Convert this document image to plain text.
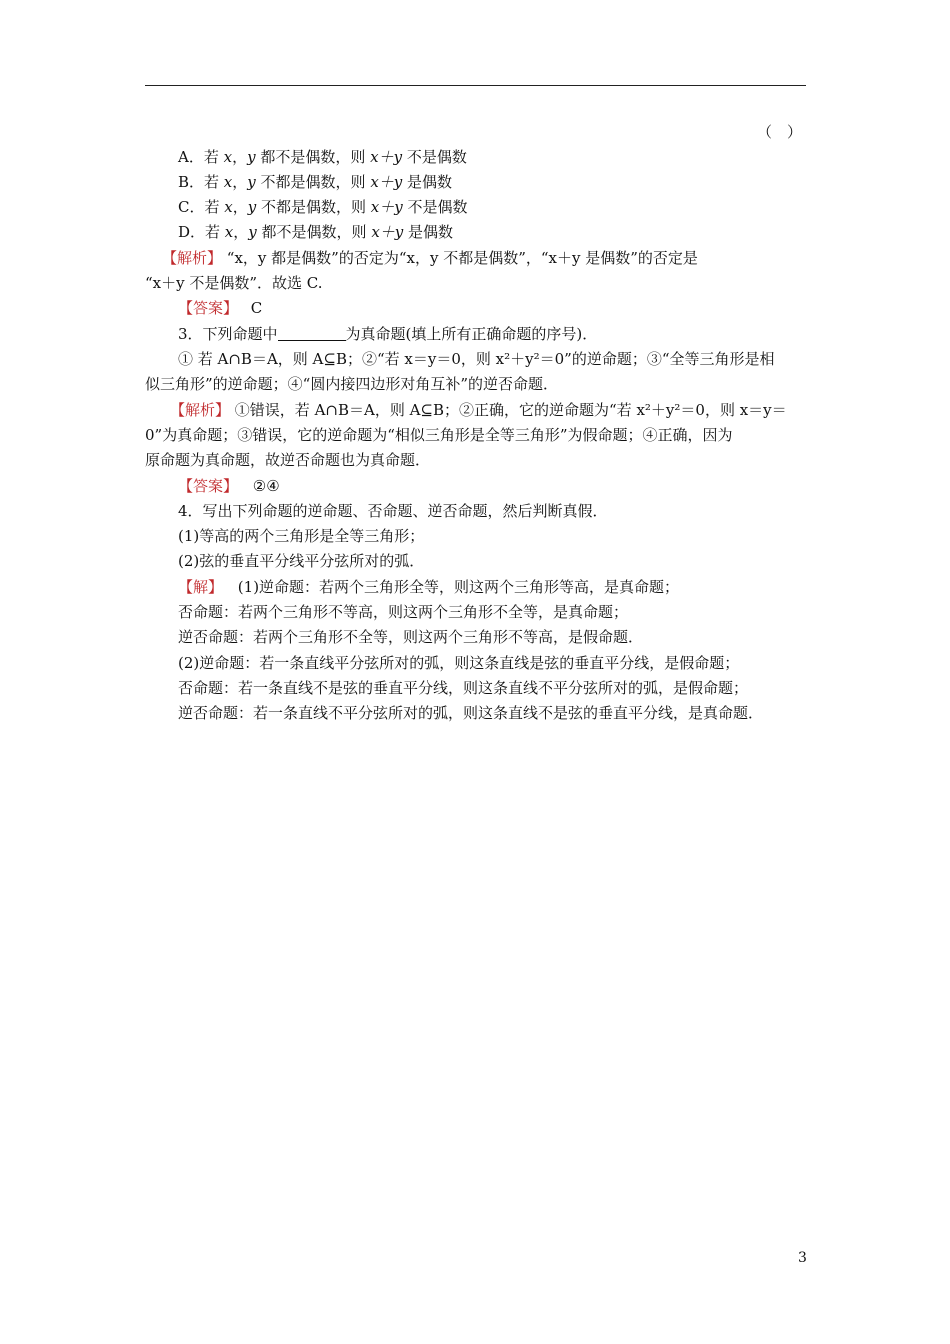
（　）
A．若 x，y 都不是偶数，则 x＋y 不是偶数
B．若 x，y 不都是偶数，则 x＋y 是偶数
C．若 x，y 不都是偶数，则 x＋y 不是偶数
D．若 x，y 都不是偶数，则 x＋y 是偶数
【解析】 “x，y 都是偶数”的否定为“x，y 不都是偶数”，“x＋y 是偶数”的否定是
“x＋y 不是偶数”．故选 C.
【答案】 C
3．下列命题中	为真命题(填上所有正确命题的序号)．
① 若 A∩B＝A，则 A⊆B；②“若 x＝y＝0，则 x²＋y²＝0”的逆命题；③“全等三角形是相
似三角形”的逆命题；④“圆内接四边形对角互补”的逆否命题．
【解析】 ①错误，若 A∩B＝A，则 A⊆B；②正确，它的逆命题为“若 x²＋y²＝0，则 x＝y＝
0”为真命题；③错误，它的逆命题为“相似三角形是全等三角形”为假命题；④正确，因为
原命题为真命题，故逆否命题也为真命题．
【答案】 ②④
4．写出下列命题的逆命题、否命题、逆否命题，然后判断真假．
(1)等高的两个三角形是全等三角形；
(2)弦的垂直平分线平分弦所对的弧．
【解】 (1)逆命题：若两个三角形全等，则这两个三角形等高，是真命题；
否命题：若两个三角形不等高，则这两个三角形不全等，是真命题；
逆否命题：若两个三角形不全等，则这两个三角形不等高，是假命题．
(2)逆命题：若一条直线平分弦所对的弧，则这条直线是弦的垂直平分线，是假命题；
否命题：若一条直线不是弦的垂直平分线，则这条直线不平分弦所对的弧，是假命题；
逆否命题：若一条直线不平分弦所对的弧，则这条直线不是弦的垂直平分线，是真命题．
3
